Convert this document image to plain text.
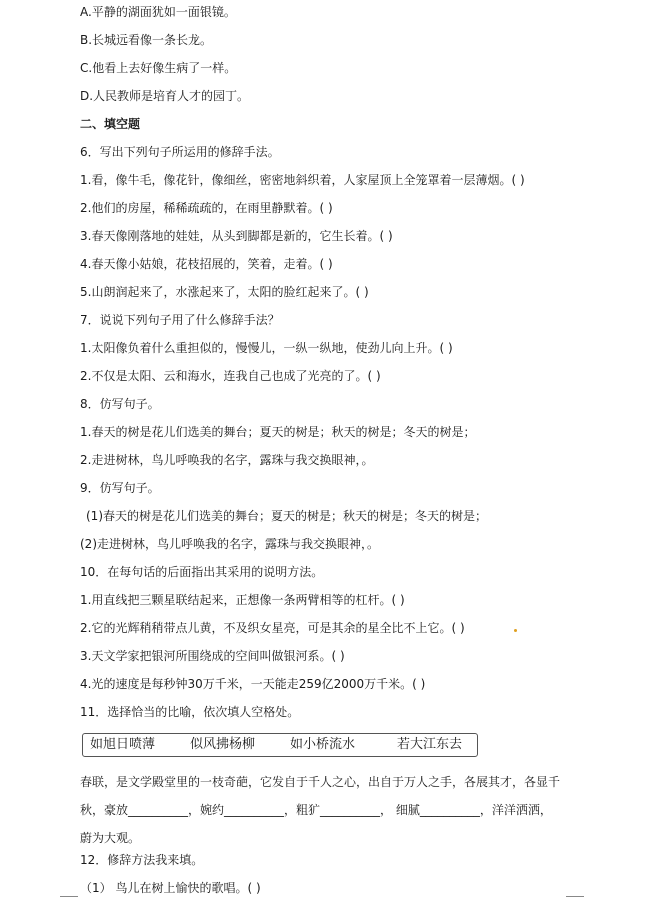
A.平静的湖面犹如一面银镜。
B.长城远看像一条长龙。
C.他看上去好像生病了一样。
D.人民教师是培育人才的园丁。
二、填空题
6．写出下列句子所运用的修辞手法。
1.看，像牛毛，像花针，像细丝，密密地斜织着，人家屋顶上全笼罩着一层薄烟。( )
2.他们的房屋，稀稀疏疏的，在雨里静默着。( )
3.春天像刚落地的娃娃，从头到脚都是新的，它生长着。( )
4.春天像小姑娘，花枝招展的，笑着，走着。( )
5.山朗润起来了，水涨起来了，太阳的脸红起来了。( )
7．说说下列句子用了什么修辞手法？
1.太阳像负着什么重担似的，慢慢儿，一纵一纵地，使劲儿向上升。( )
2.不仅是太阳、云和海水，连我自己也成了光亮的了。( )
8．仿写句子。
1.春天的树是花儿们选美的舞台；夏天的树是；秋天的树是；冬天的树是；
2.走进树林，鸟儿呼唤我的名字，露珠与我交换眼神，。
9．仿写句子。
(1)春天的树是花儿们选美的舞台；夏天的树是；秋天的树是；冬天的树是；
(2)走进树林，鸟儿呼唤我的名字，露珠与我交换眼神，。
10．在每句话的后面指出其采用的说明方法。
1.用直线把三颗星联结起来，正想像一条两臂相等的杠杆。( )
2.它的光辉稍稍带点儿黄，不及织女星亮，可是其余的星全比不上它。( )
3.天文学家把银河所围绕成的空间叫做银河系。( )
4.光的速度是每秒钟30万千米，一天能走259亿2000万千米。( )
11．选择恰当的比喻，依次填人空格处。
如旭日喷薄	似风拂杨柳	如小桥流水	若大江东去
春联，是文学殿堂里的一枝奇葩，它发自于千人之心，出自于万人之手，各展其才，各显千秋，豪放__________，婉约__________，粗犷__________， 细腻__________，洋洋洒洒，蔚为大观。
12．修辞方法我来填。
（1） 鸟儿在树上愉快的歌唱。( )
